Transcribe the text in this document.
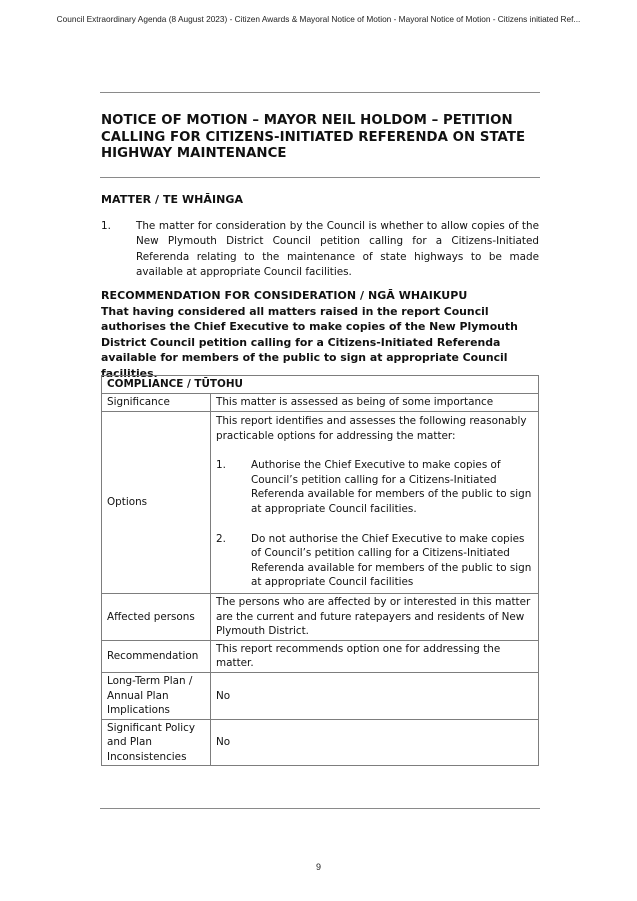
Council Extraordinary Agenda (8 August 2023) - Citizen Awards & Mayoral Notice of Motion - Mayoral Notice of Motion - Citizens initiated Ref...
NOTICE OF MOTION – MAYOR NEIL HOLDOM – PETITION CALLING FOR CITIZENS-INITIATED REFERENDA ON STATE HIGHWAY MAINTENANCE
MATTER / TE WHĀINGA
1.	The matter for consideration by the Council is whether to allow copies of the New Plymouth District Council petition calling for a Citizens-Initiated Referenda relating to the maintenance of state highways to be made available at appropriate Council facilities.
RECOMMENDATION FOR CONSIDERATION / NGĀ WHAIKUPU

That having considered all matters raised in the report Council authorises the Chief Executive to make copies of the New Plymouth District Council petition calling for a Citizens-Initiated Referenda available for members of the public to sign at appropriate Council facilities.

COMPLIANCE / TŪTOHU	
Significance	This matter is assessed as being of some importance
Options	This report identifies and assesses the following reasonably practicable options for addressing the matter:
1. Authorise the Chief Executive to make copies of Council’s petition calling for a Citizens-Initiated Referenda available for members of the public to sign at appropriate Council facilities.
2. Do not authorise the Chief Executive to make copies of Council’s petition calling for a Citizens-Initiated Referenda available for members of the public to sign at appropriate Council facilities

Affected persons	The persons who are affected by or interested in this matter are the current and future ratepayers and residents of New Plymouth District.
Recommendation	This report recommends option one for addressing the matter.
Long-Term Plan / Annual Plan Implications	No
Significant Policy and Plan Inconsistencies	No
9
